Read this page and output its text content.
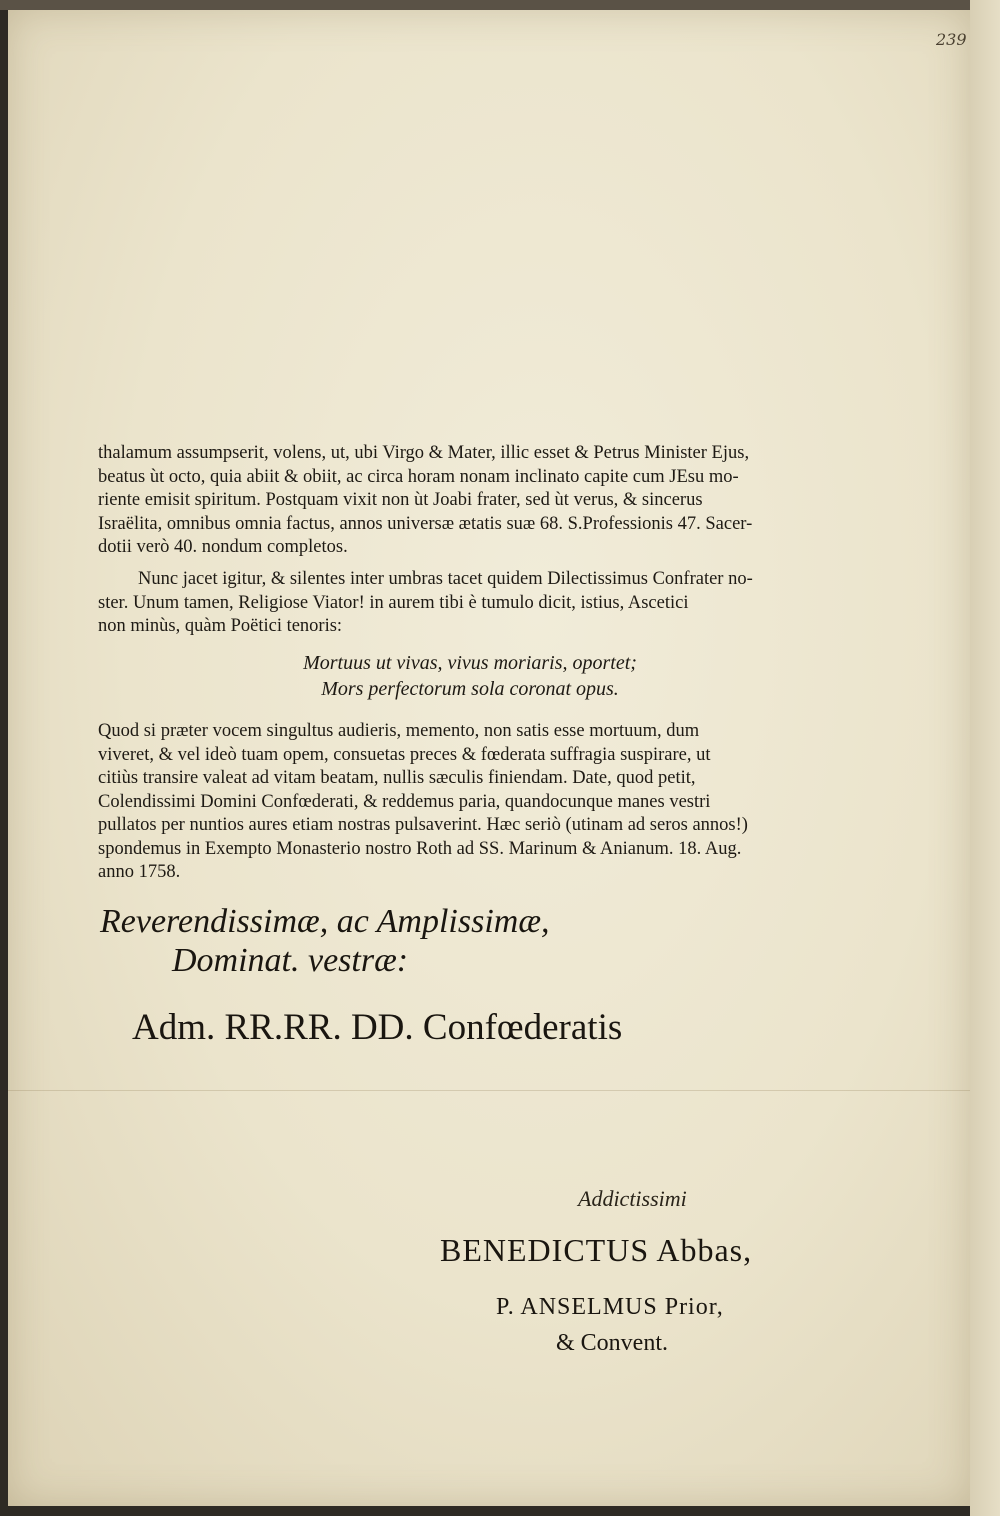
239

thalamum assumpserit, volens, ut, ubi Virgo & Mater, illic esset & Petrus Minister Ejus,

beatus ùt octo, quia abiit & obiit, ac circa horam nonam inclinato capite cum JEsu mo-

riente emisit spiritum. Postquam vixit non ùt Joabi frater, sed ùt verus, & sincerus

Israëlita, omnibus omnia factus, annos universæ ætatis suæ 68. S.Professionis 47. Sacer-

dotii verò 40. nondum completos.

Nunc jacet igitur, & silentes inter umbras tacet quidem Dilectissimus Confrater no-

ster. Unum tamen, Religiose Viator! in aurem tibi è tumulo dicit, istius, Ascetici

non minùs, quàm Poëtici tenoris:

Mortuus ut vivas, vivus moriaris, oportet;
Mors perfectorum sola coronat opus.

Quod si præter vocem singultus audieris, memento, non satis esse mortuum, dum

viveret, & vel ideò tuam opem, consuetas preces & fœderata suffragia suspirare, ut

citiùs transire valeat ad vitam beatam, nullis sæculis finiendam. Date, quod petit,

Colendissimi Domini Confœderati, & reddemus paria, quandocunque manes vestri

pullatos per nuntios aures etiam nostras pulsaverint. Hæc seriò (utinam ad seros annos!)

spondemus in Exempto Monasterio nostro Roth ad SS. Marinum & Anianum. 18. Aug.

anno 1758.

Reverendissimæ, ac Amplissimæ,
Dominat. vestræ:
Adm. RR.RR. DD. Confœderatis
Addictissimi
BENEDICTUS Abbas,
P. ANSELMUS Prior,
& Convent.
